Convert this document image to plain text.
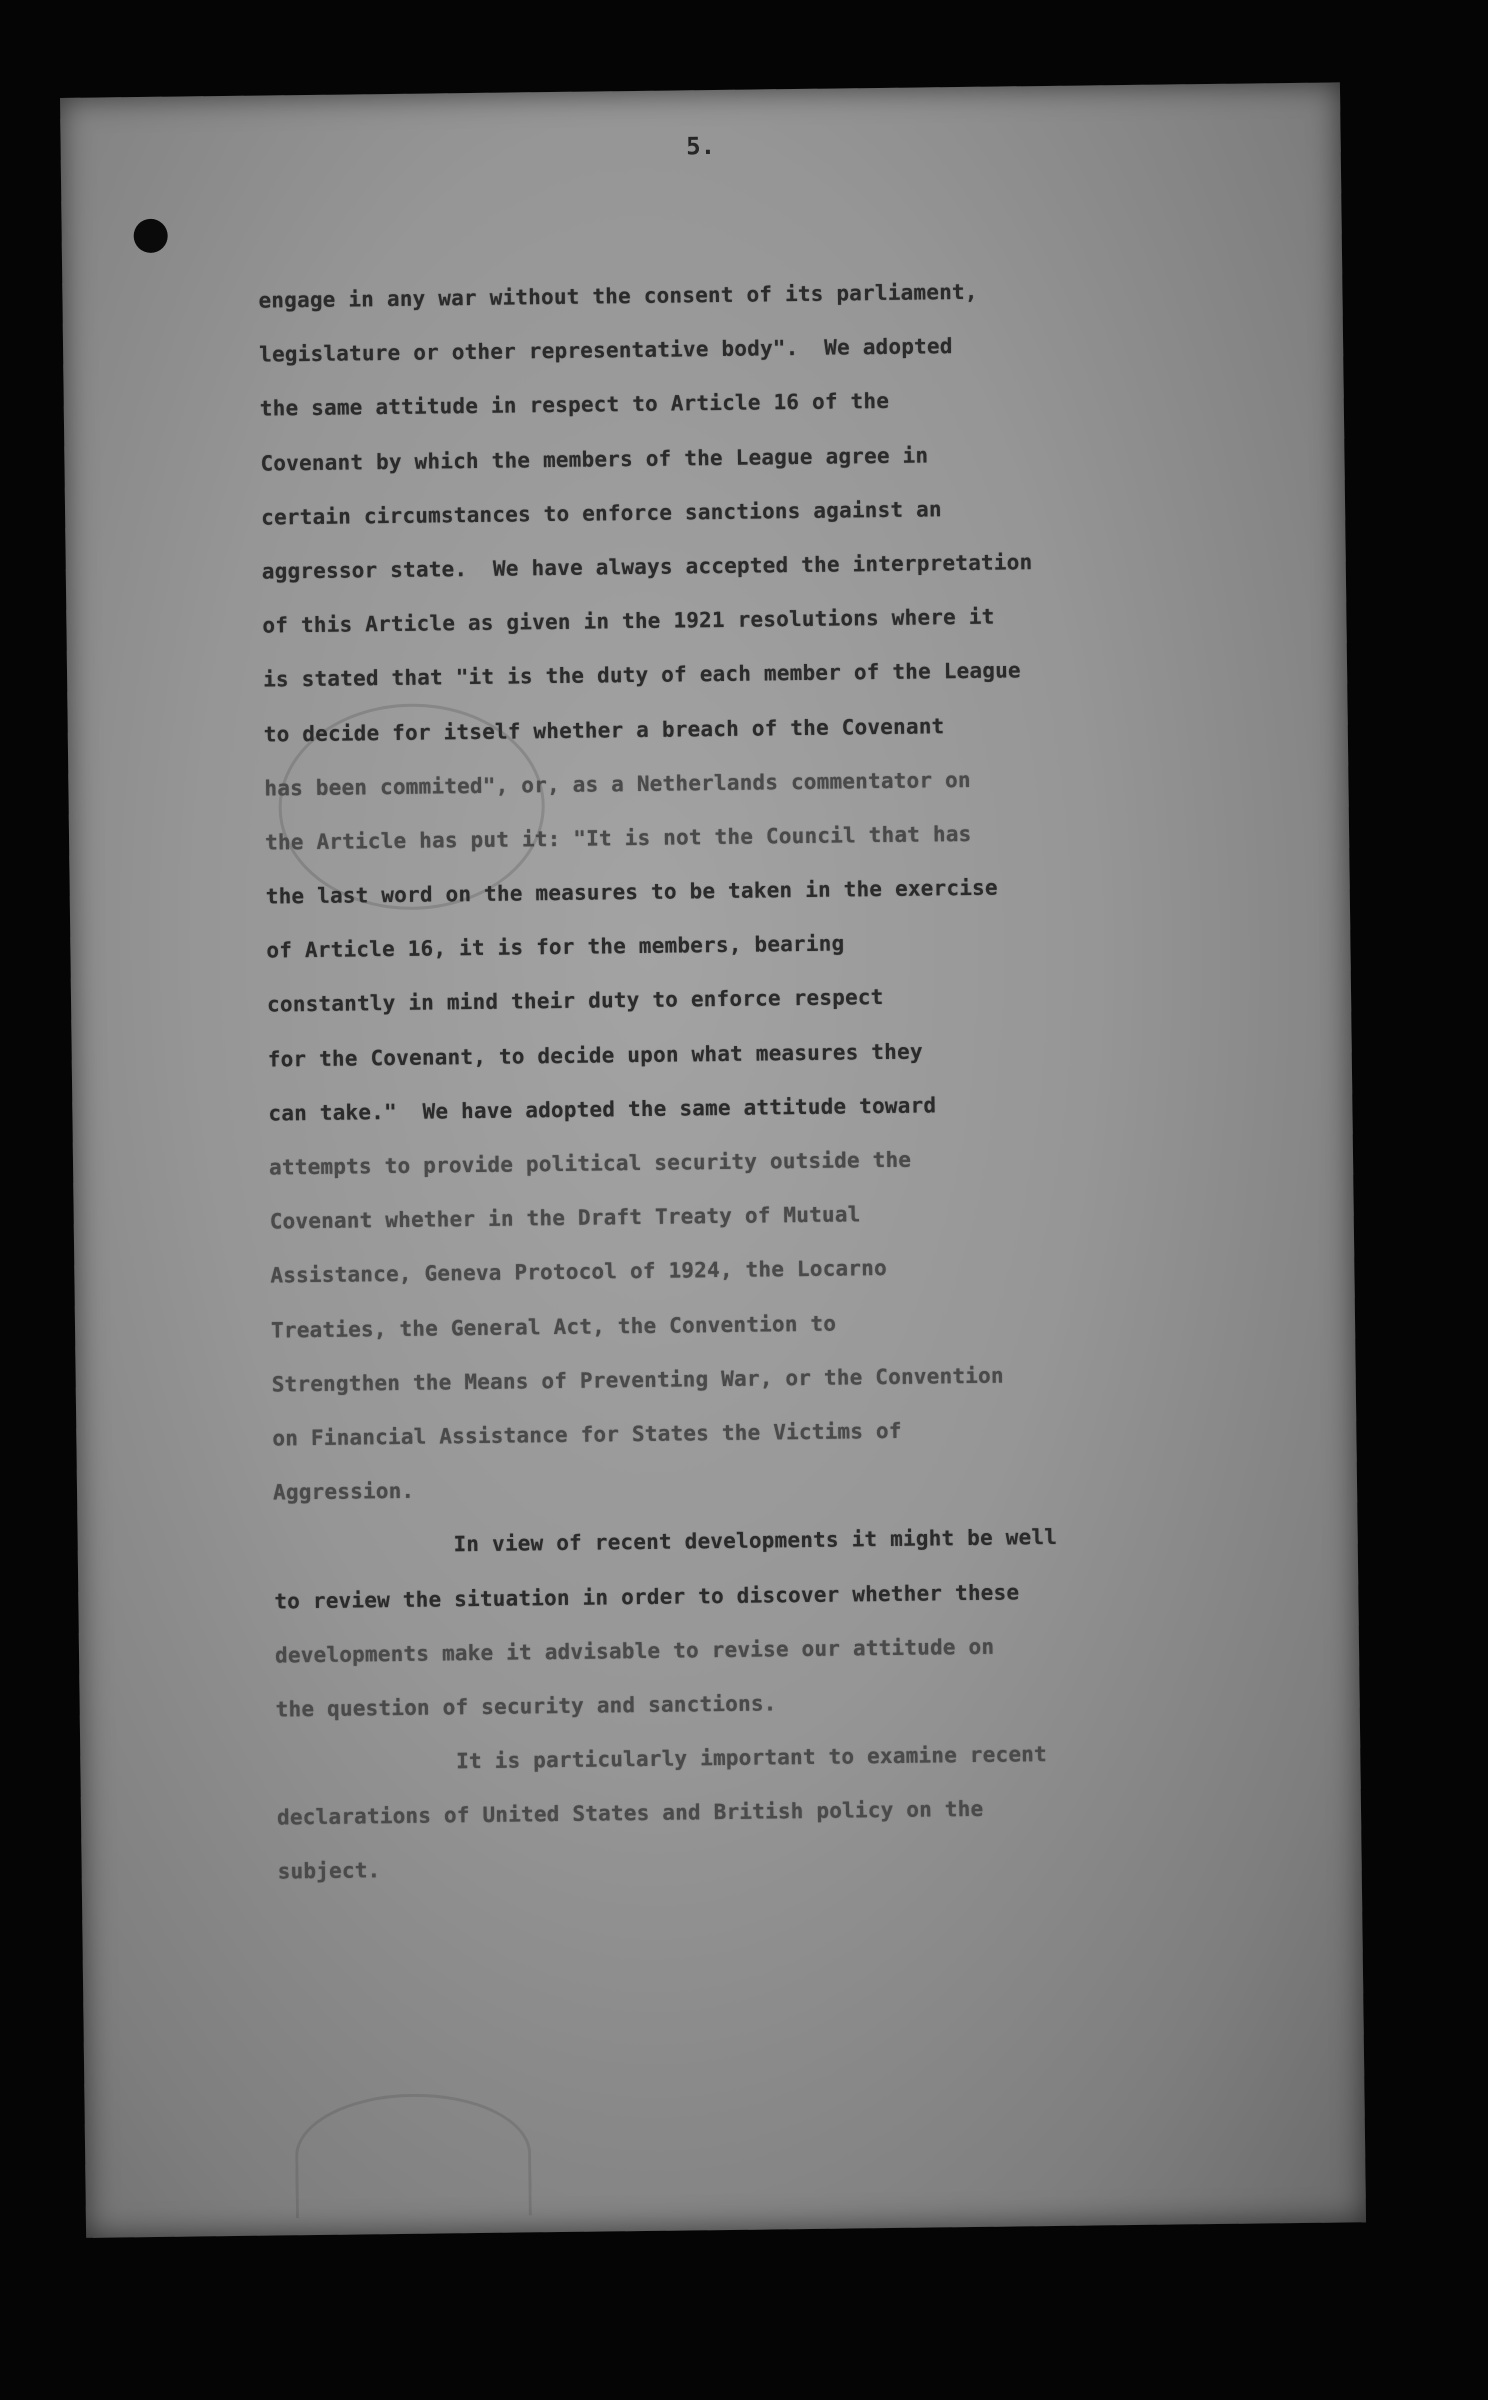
5.
engage in any war without the consent of its parliament,
legislature or other representative body".  We adopted
the same attitude in respect to Article 16 of the
Covenant by which the members of the League agree in
certain circumstances to enforce sanctions against an
aggressor state.  We have always accepted the interpretation
of this Article as given in the 1921 resolutions where it
is stated that "it is the duty of each member of the League
to decide for itself whether a breach of the Covenant
has been commited", or, as a Netherlands commentator on
the Article has put it: "It is not the Council that has
the last word on the measures to be taken in the exercise
of Article 16, it is for the members, bearing
constantly in mind their duty to enforce respect
for the Covenant, to decide upon what measures they
can take."  We have adopted the same attitude toward
attempts to provide political security outside the
Covenant whether in the Draft Treaty of Mutual
Assistance, Geneva Protocol of 1924, the Locarno
Treaties, the General Act, the Convention to
Strengthen the Means of Preventing War, or the Convention
on Financial Assistance for States the Victims of
Aggression.
In view of recent developments it might be well
to review the situation in order to discover whether these
developments make it advisable to revise our attitude on
the question of security and sanctions.
It is particularly important to examine recent
declarations of United States and British policy on the
subject.
